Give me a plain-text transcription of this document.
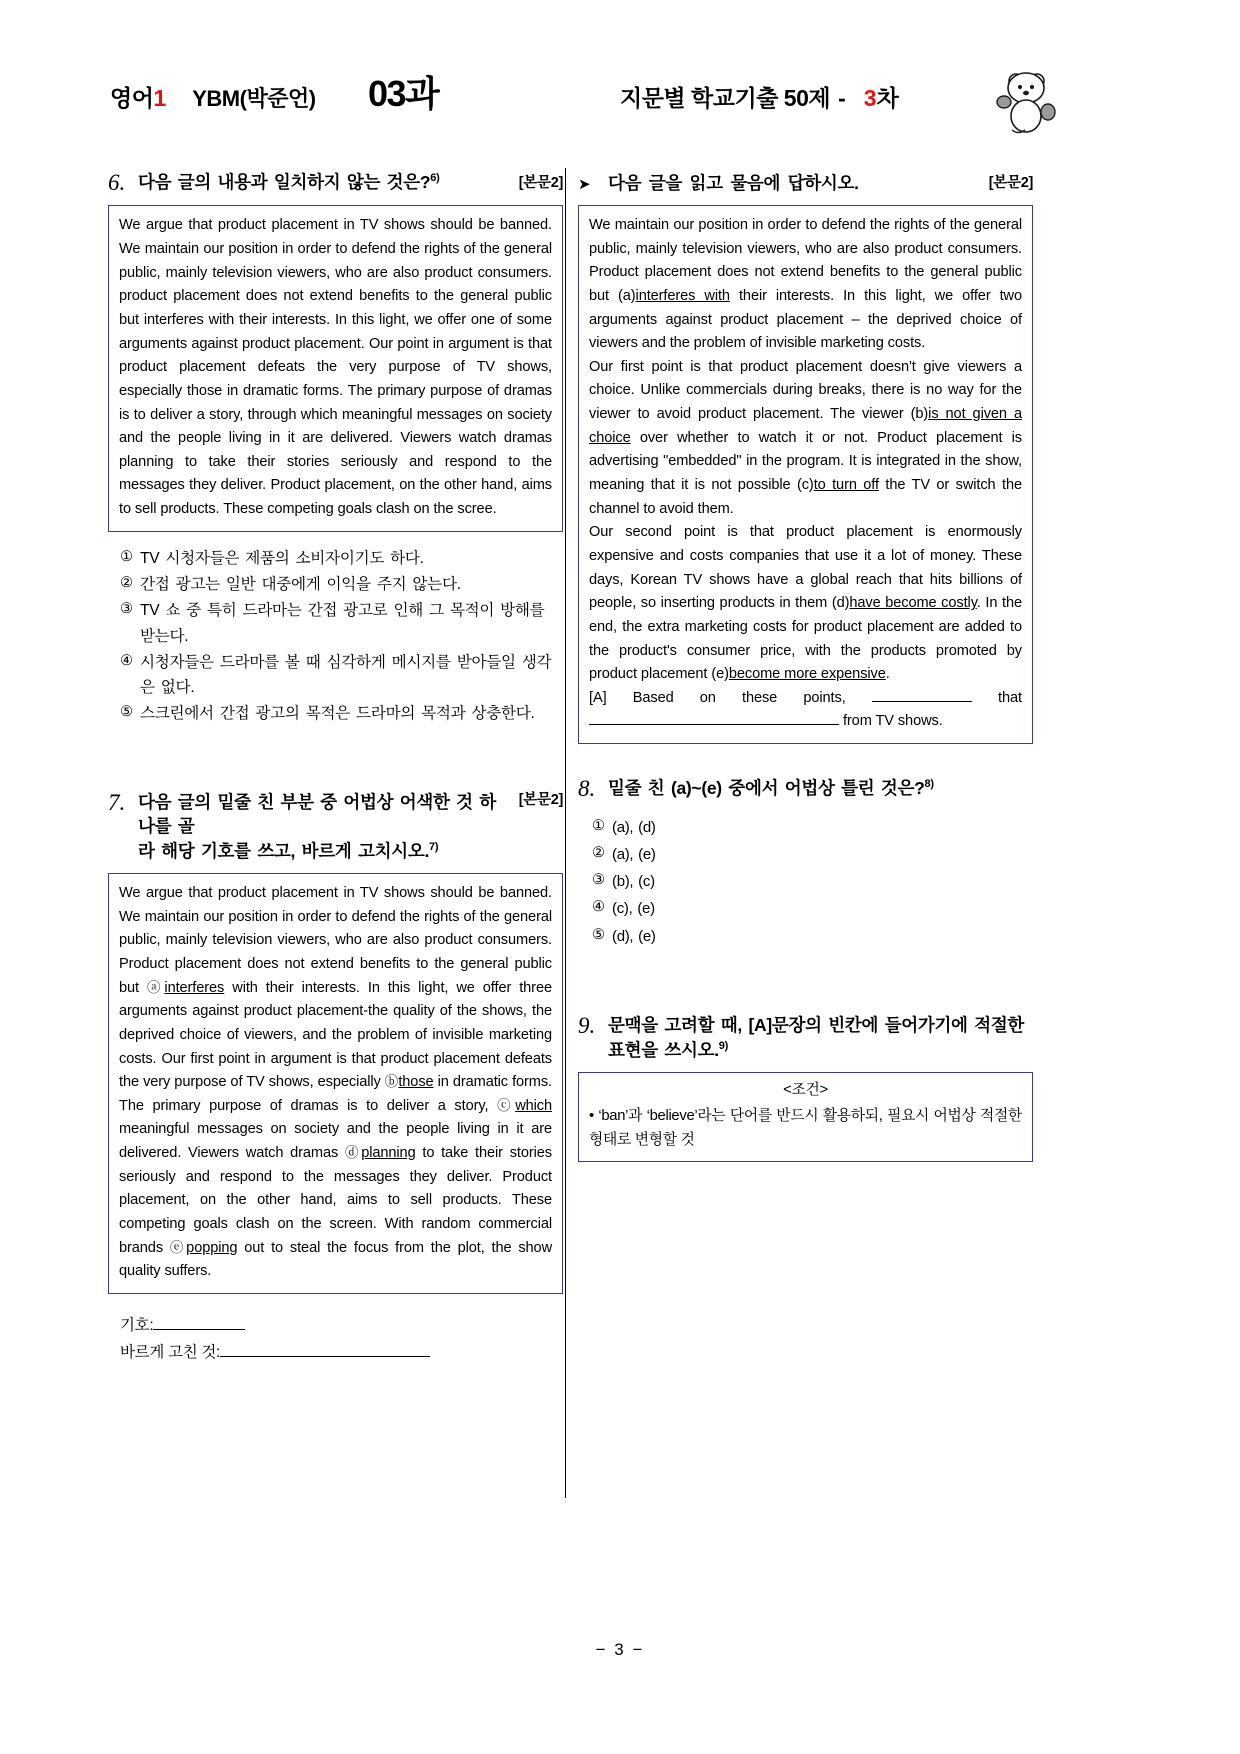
영어 1 YBM(박준언) 03과	지문별 학교기출 50제 - 3 차
6. 다음 글의 내용과 일치하지 않는 것은?$^{6)}$	[본문2]

We argue that product placement in TV shows should be banned. We maintain our position in order to defend the rights of the general public, mainly television viewers, who are also product consumers. product placement does not extend benefits to the general public but interferes with their interests. In this light, we offer one of some arguments against product placement. Our point in argument is that product placement defeats the very purpose of TV shows, especially those in dramatic forms. The primary purpose of dramas is to deliver a story, through which meaningful messages on society and the people living in it are delivered. Viewers watch dramas planning to take their stories seriously and respond to the messages they deliver. Product placement, on the other hand, aims to sell products. These competing goals clash on the scree.

① TV 시청자들은 제품의 소비자이기도 하다.
② 간접 광고는 일반 대중에게 이익을 주지 않는다.
③ TV 쇼 중 특히 드라마는 간접 광고로 인해 그 목적이 방해를 받는다.
④ 시청자들은 드라마를 볼 때 심각하게 메시지를 받아들일 생각은 없다.
⑤ 스크린에서 간접 광고의 목적은 드라마의 목적과 상충한다.
7.	[본문2]
다음 글의 밑줄 친 부분 중 어법상 어색한 것 하나를 골
라 해당 기호를 쓰고, 바르게 고치시오.$^{7)}$

We argue that product placement in TV shows should be banned. We maintain our position in order to defend the rights of the general public, mainly television viewers, who are also product consumers. Product placement does not extend benefits to the general public but ⓐinterferes with their interests. In this light, we offer three arguments against product placement-the quality of the shows, the deprived choice of viewers, and the problem of invisible marketing costs. Our first point in argument is that product placement defeats the very purpose of TV shows, especially ⓑthose in dramatic forms. The primary purpose of dramas is to deliver a story, ⓒwhich meaningful messages on society and the people living in it are delivered. Viewers watch dramas ⓓplanning to take their stories seriously and respond to the messages they deliver. Product placement, on the other hand, aims to sell products. These competing goals clash on the screen. With random commercial brands ⓔpopping out to steal the focus from the plot, the show quality suffers.

기호:
바르게 고친 것:
➤ 다음 글을 읽고 물음에 답하시오.	[본문2]

We maintain our position in order to defend the rights of the general public, mainly television viewers, who are also product consumers. Product placement does not extend benefits to the general public but (a)interferes with their interests. In this light, we offer two arguments against product placement – the deprived choice of viewers and the problem of invisible marketing costs.

Our first point is that product placement doesn't give viewers a choice. Unlike commercials during breaks, there is no way for the viewer to avoid product placement. The viewer (b)is not given a choice over whether to watch it or not. Product placement is advertising "embedded" in the program. It is integrated in the show, meaning that it is not possible (c)to turn off the TV or switch the channel to avoid them.

Our second point is that product placement is enormously expensive and costs companies that use it a lot of money. These days, Korean TV shows have a global reach that hits billions of people, so inserting products in them (d)have become costly. In the end, the extra marketing costs for product placement are added to the product's consumer price, with the products promoted by product placement (e)become more expensive.

[A] Based on these points,	that  from TV shows.

8. 밑줄 친 (a)~(e) 중에서 어법상 틀린 것은?$^{8)}$
① (a), (d)
② (a), (e)
③ (b), (c)
④ (c), (e)
⑤ (d), (e)
9. 문맥을 고려할 때, [A]문장의 빈칸에 들어가기에 적절한
표현을 쓰시오.$^{9)}$
<조건>
• ‘ban’과 ‘believe’라는 단어를 반드시 활용하되, 필요시 어법상 적절한 형태로 변형할 것
− 3 −
